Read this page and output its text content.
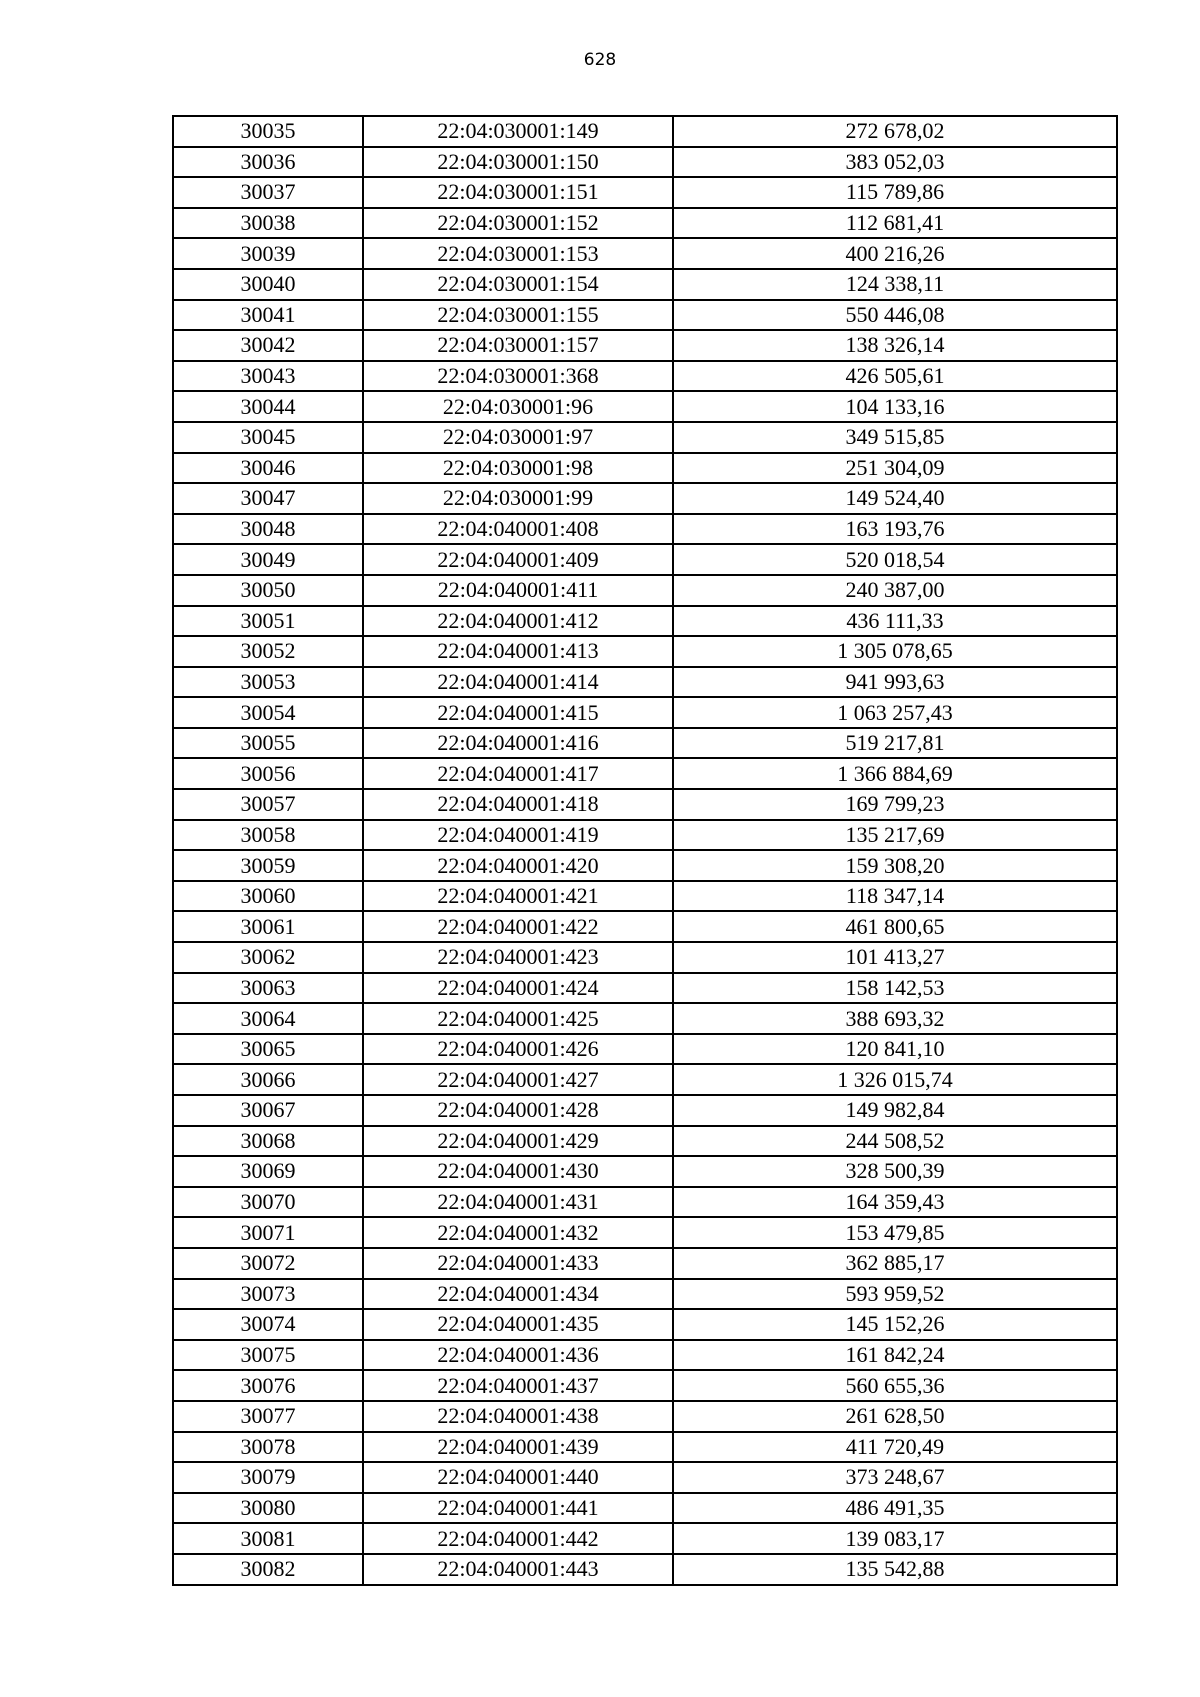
628
30035	22:04:030001:149	272 678,02
30036	22:04:030001:150	383 052,03
30037	22:04:030001:151	115 789,86
30038	22:04:030001:152	112 681,41
30039	22:04:030001:153	400 216,26
30040	22:04:030001:154	124 338,11
30041	22:04:030001:155	550 446,08
30042	22:04:030001:157	138 326,14
30043	22:04:030001:368	426 505,61
30044	22:04:030001:96	104 133,16
30045	22:04:030001:97	349 515,85
30046	22:04:030001:98	251 304,09
30047	22:04:030001:99	149 524,40
30048	22:04:040001:408	163 193,76
30049	22:04:040001:409	520 018,54
30050	22:04:040001:411	240 387,00
30051	22:04:040001:412	436 111,33
30052	22:04:040001:413	1 305 078,65
30053	22:04:040001:414	941 993,63
30054	22:04:040001:415	1 063 257,43
30055	22:04:040001:416	519 217,81
30056	22:04:040001:417	1 366 884,69
30057	22:04:040001:418	169 799,23
30058	22:04:040001:419	135 217,69
30059	22:04:040001:420	159 308,20
30060	22:04:040001:421	118 347,14
30061	22:04:040001:422	461 800,65
30062	22:04:040001:423	101 413,27
30063	22:04:040001:424	158 142,53
30064	22:04:040001:425	388 693,32
30065	22:04:040001:426	120 841,10
30066	22:04:040001:427	1 326 015,74
30067	22:04:040001:428	149 982,84
30068	22:04:040001:429	244 508,52
30069	22:04:040001:430	328 500,39
30070	22:04:040001:431	164 359,43
30071	22:04:040001:432	153 479,85
30072	22:04:040001:433	362 885,17
30073	22:04:040001:434	593 959,52
30074	22:04:040001:435	145 152,26
30075	22:04:040001:436	161 842,24
30076	22:04:040001:437	560 655,36
30077	22:04:040001:438	261 628,50
30078	22:04:040001:439	411 720,49
30079	22:04:040001:440	373 248,67
30080	22:04:040001:441	486 491,35
30081	22:04:040001:442	139 083,17
30082	22:04:040001:443	135 542,88
